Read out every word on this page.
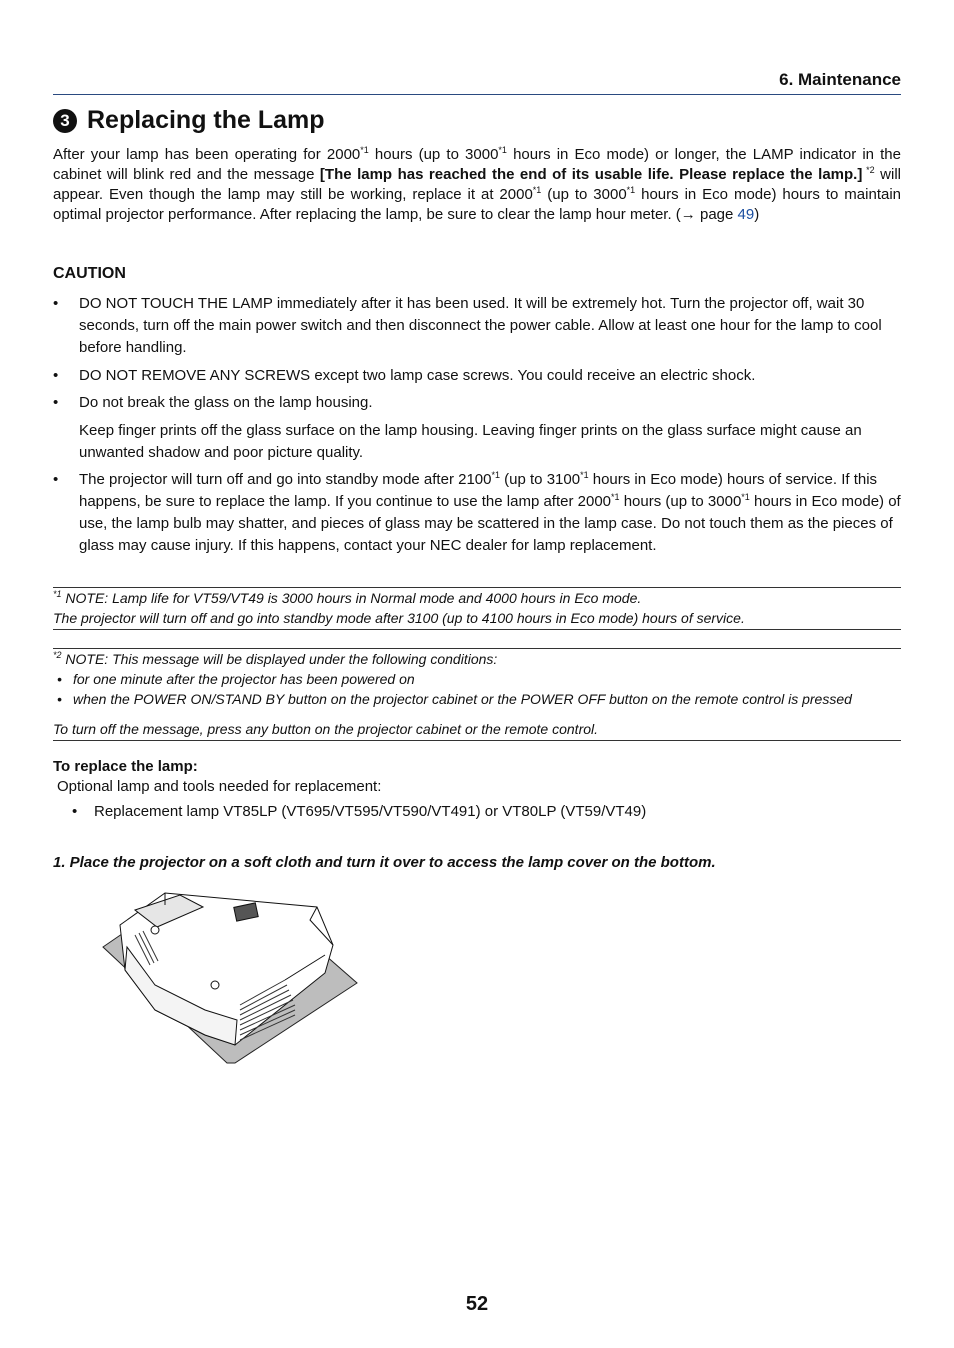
6. Maintenance
3 Replacing the Lamp
After your lamp has been operating for 2000$^{*1}$ hours (up to 3000$^{*1}$ hours in Eco mode) or longer, the LAMP indicator in the cabinet will blink red and the message [The lamp has reached the end of its usable life. Please replace the lamp.] $^{*2}$ will appear. Even though the lamp may still be working, replace it at 2000$^{*1}$ (up to 3000$^{*1}$ hours in Eco mode) hours to maintain optimal projector performance. After replacing the lamp, be sure to clear the lamp hour meter. (→ page 49)
CAUTION
•	DO NOT TOUCH THE LAMP immediately after it has been used. It will be extremely hot. Turn the projector off, wait 30 seconds, turn off the main power switch and then disconnect the power cable. Allow at least one hour for the lamp to cool before handling.
•	DO NOT REMOVE ANY SCREWS except two lamp case screws. You could receive an electric shock.
•	Do not break the glass on the lamp housing.
Keep finger prints off the glass surface on the lamp housing. Leaving finger prints on the glass surface might cause an unwanted shadow and poor picture quality.
•	The projector will turn off and go into standby mode after 2100$^{*1}$ (up to 3100$^{*1}$ hours in Eco mode) hours of service. If this happens, be sure to replace the lamp. If you continue to use the lamp after 2000$^{*1}$ hours (up to 3000$^{*1}$ hours in Eco mode) of use, the lamp bulb may shatter, and pieces of glass may be scattered in the lamp case. Do not touch them as the pieces of glass may cause injury. If this happens, contact your NEC dealer for lamp replacement.
$^{*1}$ NOTE: Lamp life for VT59/VT49 is 3000 hours in Normal mode and 4000 hours in Eco mode.
The projector will turn off and go into standby mode after 3100 (up to 4100 hours in Eco mode) hours of service.
$^{*2}$ NOTE: This message will be displayed under the following conditions:
• for one minute after the projector has been powered on
• when the POWER ON/STAND BY button on the projector cabinet or the POWER OFF button on the remote control is pressed
To turn off the message, press any button on the projector cabinet or the remote control.
To replace the lamp:
Optional lamp and tools needed for replacement:
•	Replacement lamp VT85LP (VT695/VT595/VT590/VT491) or VT80LP (VT59/VT49)
1. Place the projector on a soft cloth and turn it over to access the lamp cover on the bottom.
52
